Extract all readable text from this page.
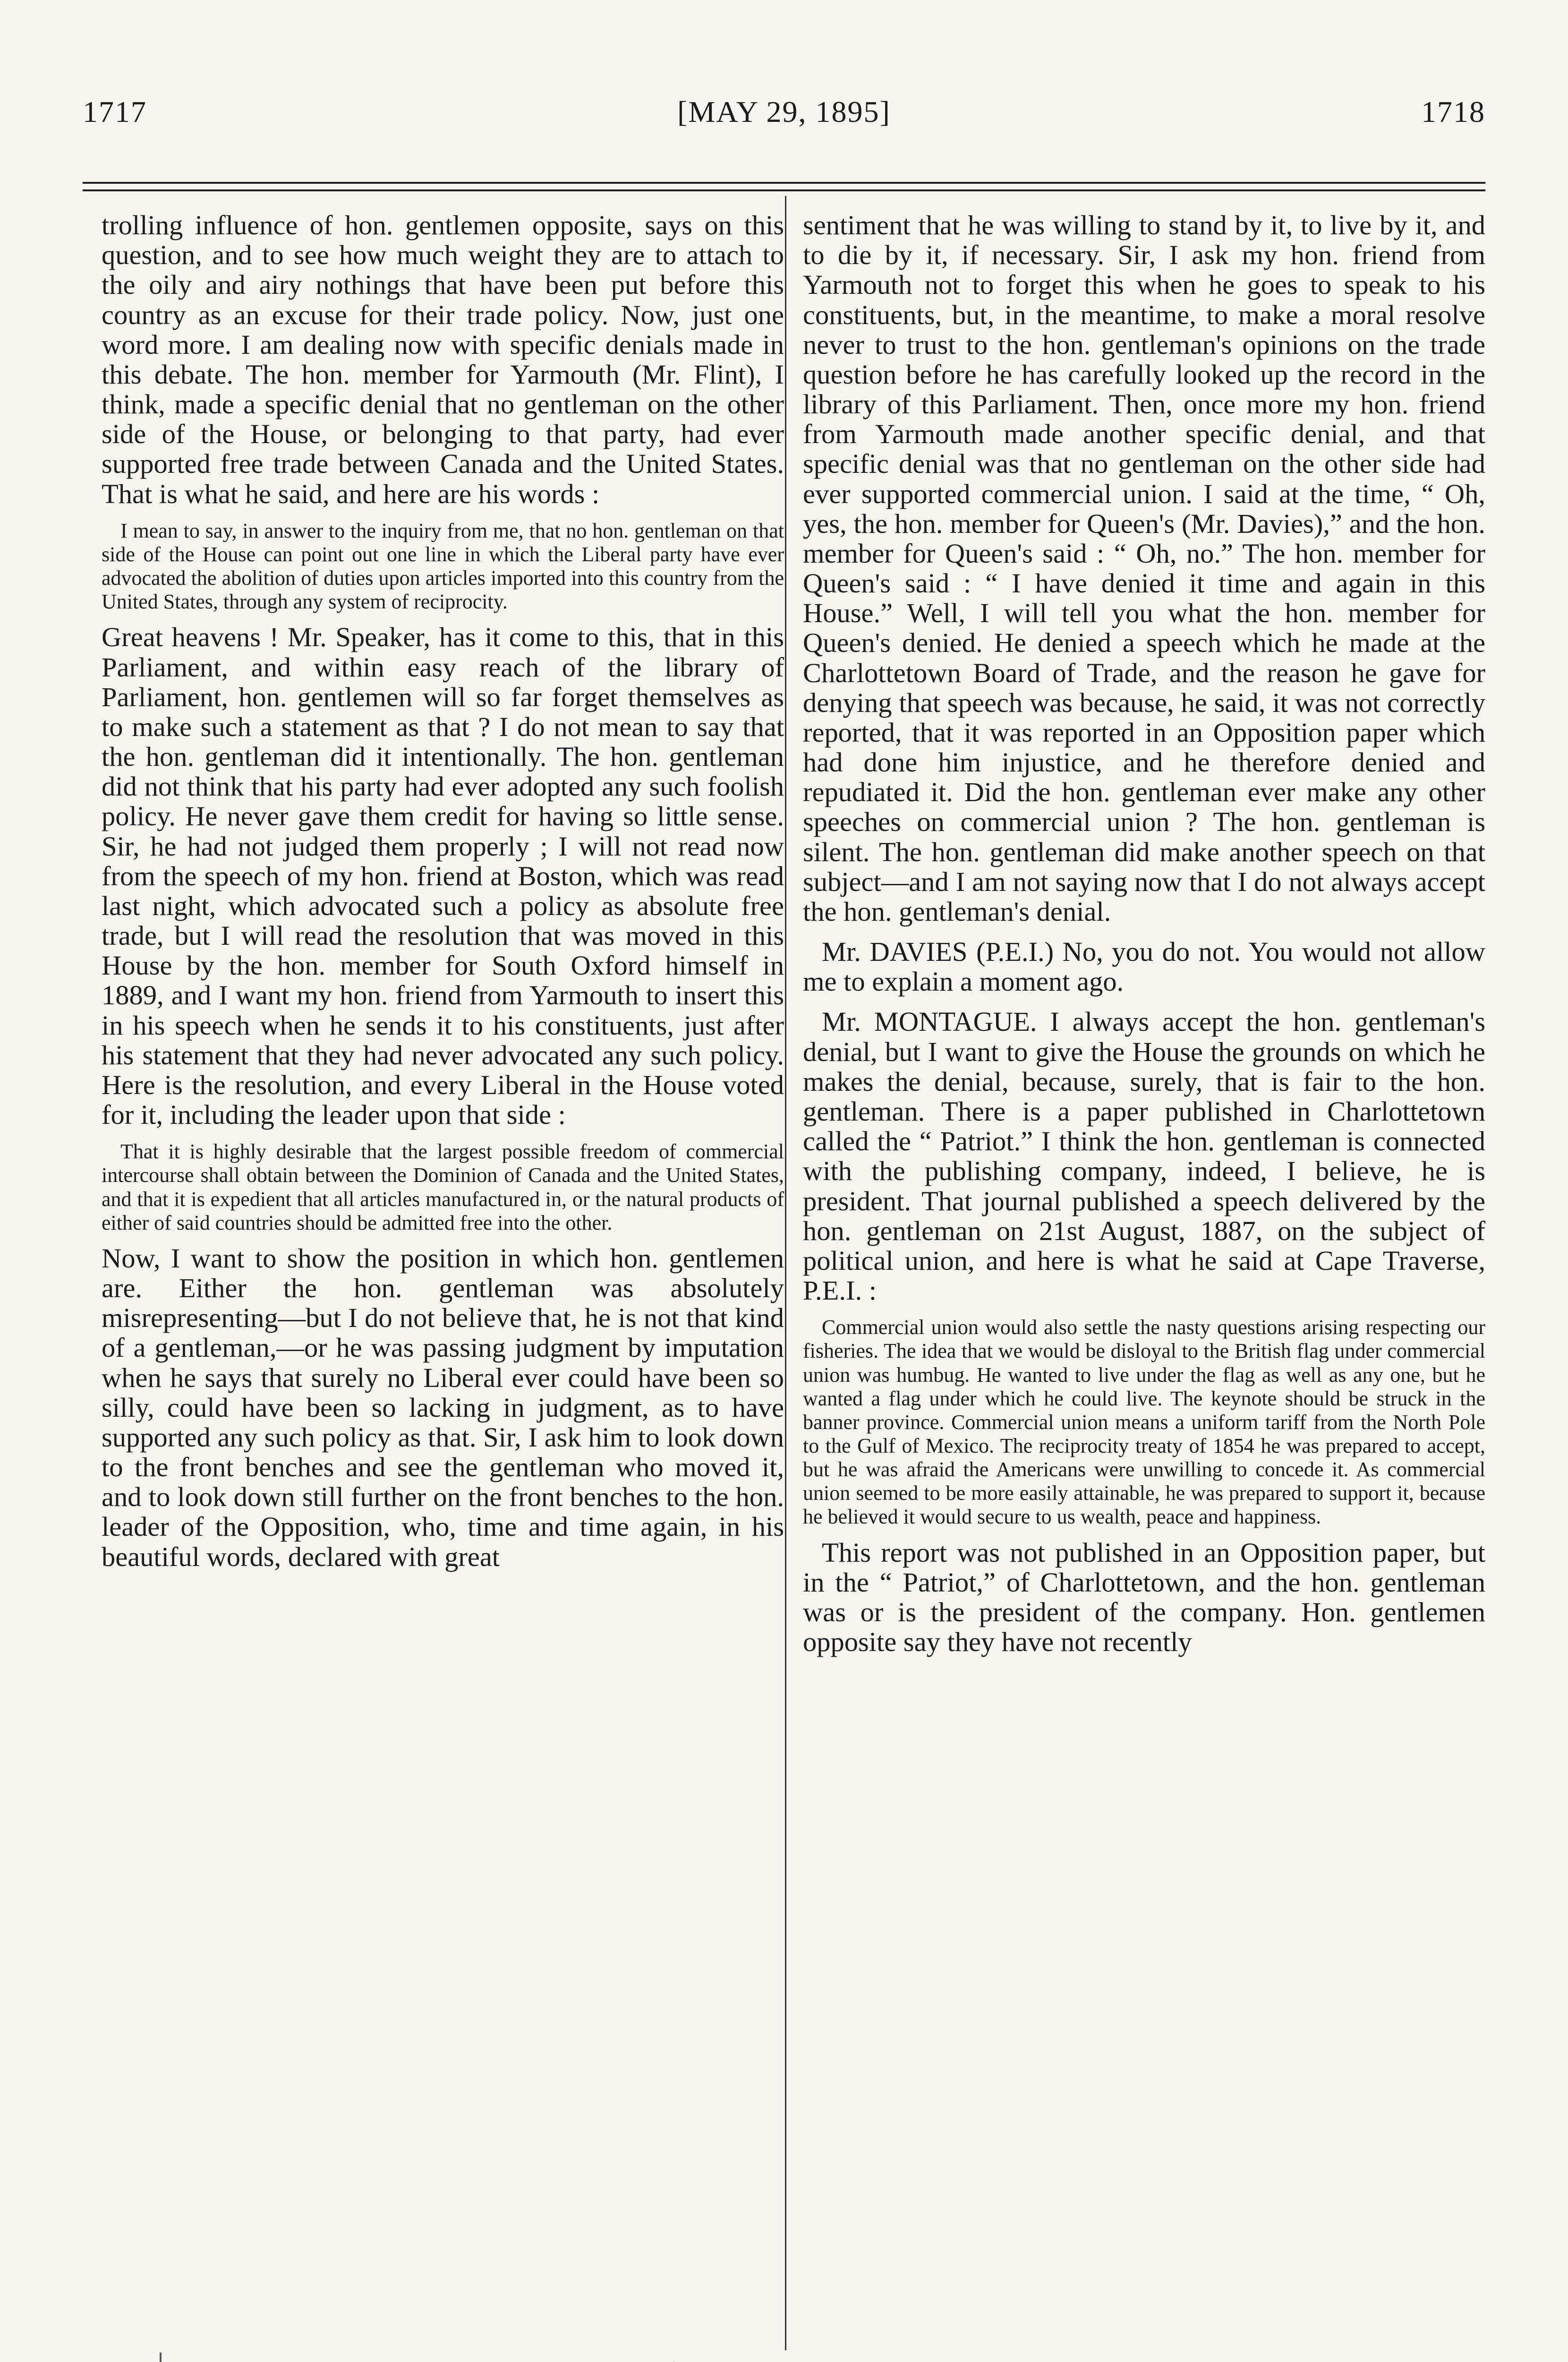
1717	[MAY 29, 1895]	1718

trolling influence of hon. gentlemen opposite, says on this question, and to see how much weight they are to attach to the oily and airy nothings that have been put before this country as an excuse for their trade policy. Now, just one word more. I am dealing now with specific denials made in this debate. The hon. member for Yarmouth (Mr. Flint), I think, made a specific denial that no gentleman on the other side of the House, or belonging to that party, had ever supported free trade between Canada and the United States. That is what he said, and here are his words :

I mean to say, in answer to the inquiry from me, that no hon. gentleman on that side of the House can point out one line in which the Liberal party have ever advocated the abolition of duties upon articles imported into this country from the United States, through any system of reciprocity.

Great heavens ! Mr. Speaker, has it come to this, that in this Parliament, and within easy reach of the library of Parliament, hon. gentlemen will so far forget themselves as to make such a statement as that ? I do not mean to say that the hon. gentleman did it intentionally. The hon. gentleman did not think that his party had ever adopted any such foolish policy. He never gave them credit for having so little sense. Sir, he had not judged them properly ; I will not read now from the speech of my hon. friend at Boston, which was read last night, which advocated such a policy as absolute free trade, but I will read the resolution that was moved in this House by the hon. member for South Oxford himself in 1889, and I want my hon. friend from Yarmouth to insert this in his speech when he sends it to his constituents, just after his statement that they had never advocated any such policy. Here is the resolution, and every Liberal in the House voted for it, including the leader upon that side :

That it is highly desirable that the largest possible freedom of commercial intercourse shall obtain between the Dominion of Canada and the United States, and that it is expedient that all articles manufactured in, or the natural products of either of said countries should be admitted free into the other.

Now, I want to show the position in which hon. gentlemen are. Either the hon. gentleman was absolutely misrepresenting—but I do not believe that, he is not that kind of a gentleman,—or he was passing judgment by imputation when he says that surely no Liberal ever could have been so silly, could have been so lacking in judgment, as to have supported any such policy as that. Sir, I ask him to look down to the front benches and see the gentleman who moved it, and to look down still further on the front benches to the hon. leader of the Opposition, who, time and time again, in his beautiful words, declared with great

sentiment that he was willing to stand by it, to live by it, and to die by it, if necessary. Sir, I ask my hon. friend from Yarmouth not to forget this when he goes to speak to his constituents, but, in the meantime, to make a moral resolve never to trust to the hon. gentleman's opinions on the trade question before he has carefully looked up the record in the library of this Parliament. Then, once more my hon. friend from Yarmouth made another specific denial, and that specific denial was that no gentleman on the other side had ever supported commercial union. I said at the time, “ Oh, yes, the hon. member for Queen's (Mr. Davies),” and the hon. member for Queen's said : “ Oh, no.” The hon. member for Queen's said : “ I have denied it time and again in this House.” Well, I will tell you what the hon. member for Queen's denied. He denied a speech which he made at the Charlottetown Board of Trade, and the reason he gave for denying that speech was because, he said, it was not correctly reported, that it was reported in an Opposition paper which had done him injustice, and he therefore denied and repudiated it. Did the hon. gentleman ever make any other speeches on commercial union ? The hon. gentleman is silent. The hon. gentleman did make another speech on that subject—and I am not saying now that I do not always accept the hon. gentleman's denial.

Mr. DAVIES (P.E.I.) No, you do not. You would not allow me to explain a moment ago.

Mr. MONTAGUE. I always accept the hon. gentleman's denial, but I want to give the House the grounds on which he makes the denial, because, surely, that is fair to the hon. gentleman. There is a paper published in Charlottetown called the “ Patriot.” I think the hon. gentleman is connected with the publishing company, indeed, I believe, he is president. That journal published a speech delivered by the hon. gentleman on 21st August, 1887, on the subject of political union, and here is what he said at Cape Traverse, P.E.I. :

Commercial union would also settle the nasty questions arising respecting our fisheries. The idea that we would be disloyal to the British flag under commercial union was humbug. He wanted to live under the flag as well as any one, but he wanted a flag under which he could live. The keynote should be struck in the banner province. Commercial union means a uniform tariff from the North Pole to the Gulf of Mexico. The reciprocity treaty of 1854 he was prepared to accept, but he was afraid the Americans were unwilling to concede it. As commercial union seemed to be more easily attainable, he was prepared to support it, because he believed it would secure to us wealth, peace and happiness.

This report was not published in an Opposition paper, but in the “ Patriot,” of Charlottetown, and the hon. gentleman was or is the president of the company. Hon. gentlemen opposite say they have not recently
